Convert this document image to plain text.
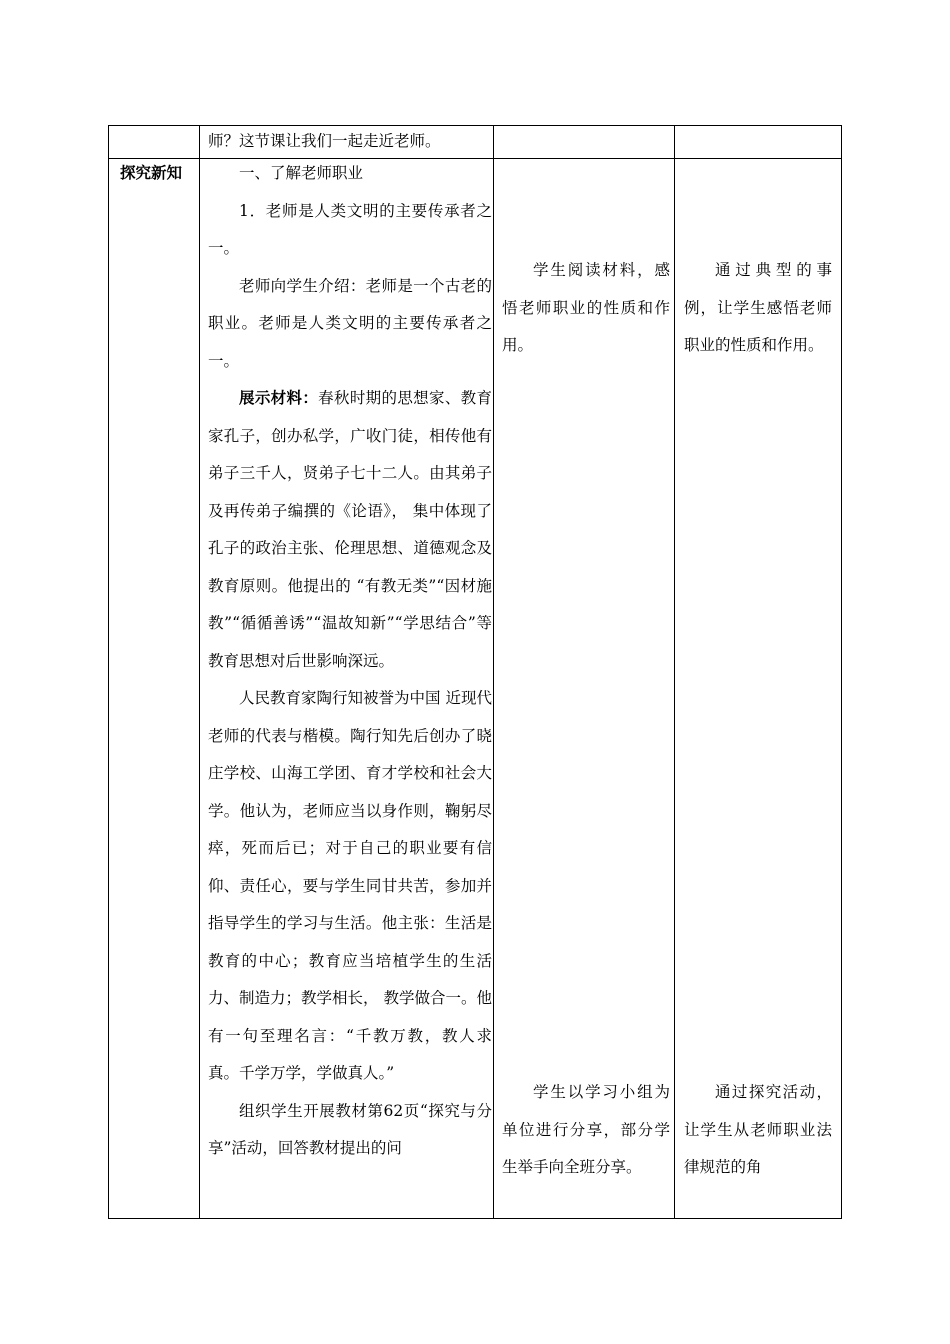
师？这节课让我们一起走近老师。
探究新知	一、了解老师职业

1．老师是人类文明的主要传承者之一。

老师向学生介绍：老师是一个古老的职业。老师是人类文明的主要传承者之一。

展示材料：春秋时期的思想家、教育家孔子，创办私学，广收门徒，相传他有弟子三千人，贤弟子七十二人。由其弟子及再传弟子编撰的《论语》， 集中体现了孔子的政治主张、伦理思想、道德观念及教育原则。他提出的 “有教无类”“因材施教”“循循善诱”“温故知新”“学思结合”等教育思想对后世影响深远。

人民教育家陶行知被誉为中国 近现代老师的代表与楷模。陶行知先后创办了晓庄学校、山海工学团、育才学校和社会大学。他认为，老师应当以身作则，鞠躬尽瘁，死而后已；对于自己的职业要有信仰、责任心，要与学生同甘共苦，参加并指导学生的学习与生活。他主张：生活是教育的中心；教育应当培植学生的生活力、制造力；教学相长， 教学做合一。他有一句至理名言：“千教万教，教人求真。千学万学，学做真人。”

组织学生开展教材第62页“探究与分享”活动，回答教材提出的问

学生阅读材料，感悟老师职业的性质和作用。

学生以学习小组为单位进行分享，部分学生举手向全班分享。

通过典型的事例，让学生感悟老师职业的性质和作用。

通过探究活动，让学生从老师职业法律规范的角
